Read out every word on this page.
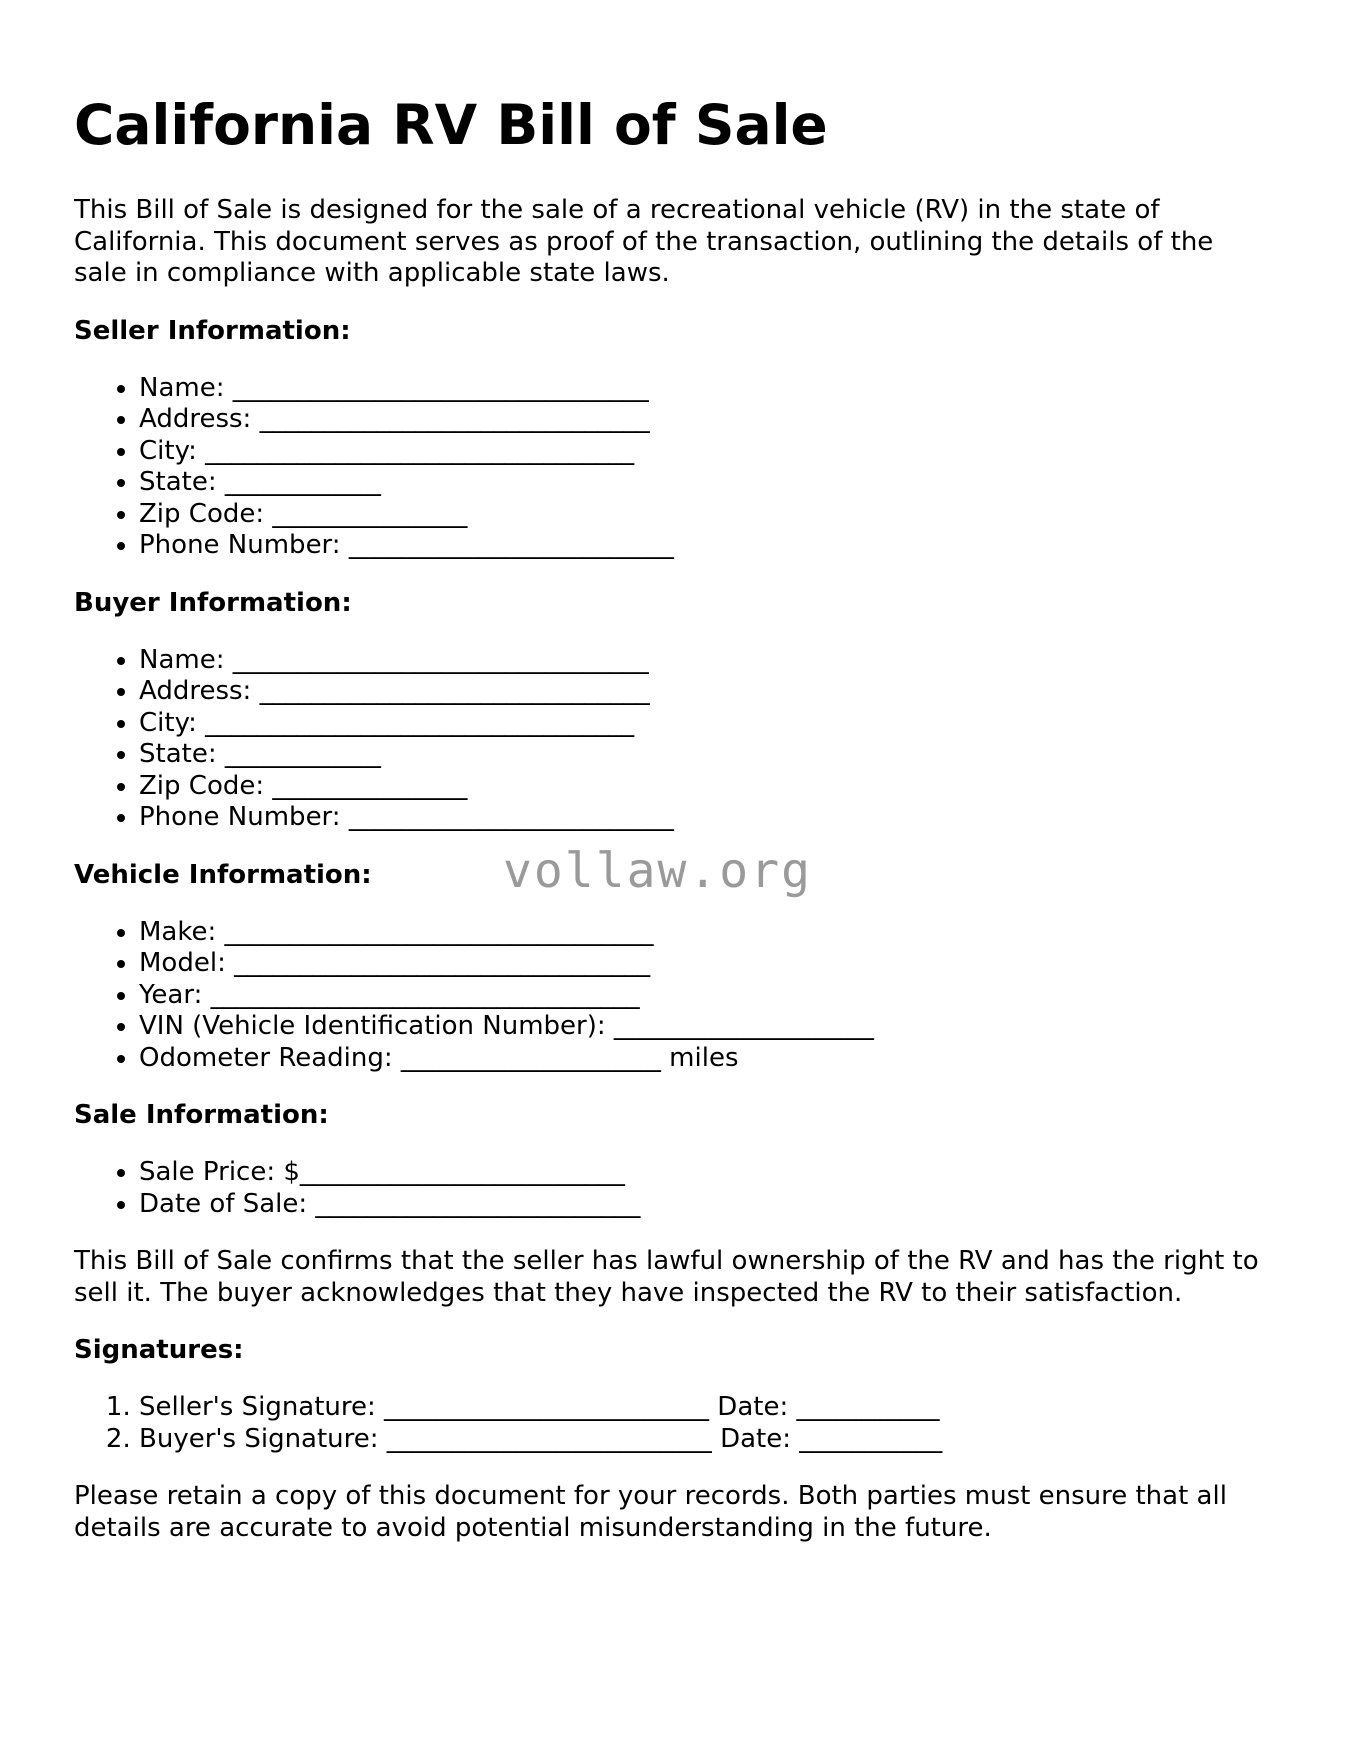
California RV Bill of Sale

This Bill of Sale is designed for the sale of a recreational vehicle (RV) in the state of California. This document serves as proof of the transaction, outlining the details of the sale in compliance with applicable state laws.

Seller Information:
• Name: ________________________________
• Address: ______________________________
• City: _________________________________
• State: ____________
• Zip Code: _______________
• Phone Number: _________________________
Buyer Information:
• Name: ________________________________
• Address: ______________________________
• City: _________________________________
• State: ____________
• Zip Code: _______________
• Phone Number: _________________________
Vehicle Information:
• Make: _________________________________
• Model: ________________________________
• Year: _________________________________
• VIN (Vehicle Identification Number): ____________________
• Odometer Reading: ____________________ miles
Sale Information:
• Sale Price: $_________________________
• Date of Sale: _________________________

This Bill of Sale confirms that the seller has lawful ownership of the RV and has the right to sell it. The buyer acknowledges that they have inspected the RV to their satisfaction.

Signatures:
1. Seller's Signature: _________________________ Date: ___________
2. Buyer's Signature: _________________________ Date: ___________

Please retain a copy of this document for your records. Both parties must ensure that all details are accurate to avoid potential misunderstanding in the future.

vollaw.org
